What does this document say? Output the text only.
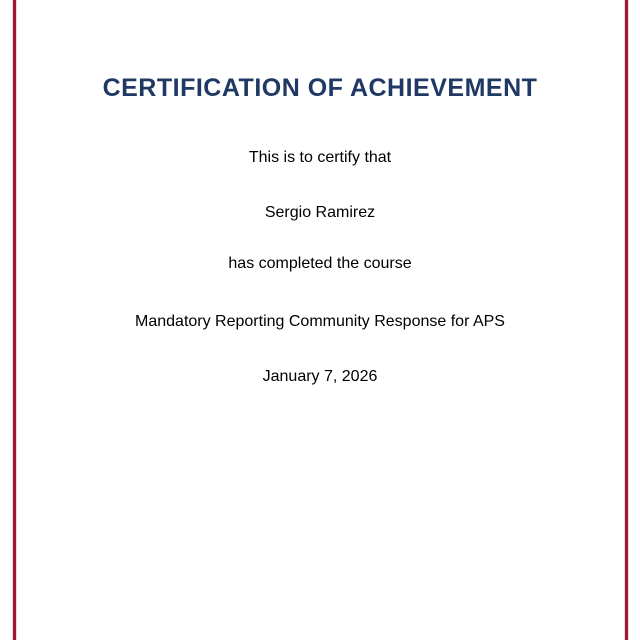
CERTIFICATION OF ACHIEVEMENT
This is to certify that
Sergio Ramirez
has completed the course
Mandatory Reporting Community Response for APS
January 7, 2026
